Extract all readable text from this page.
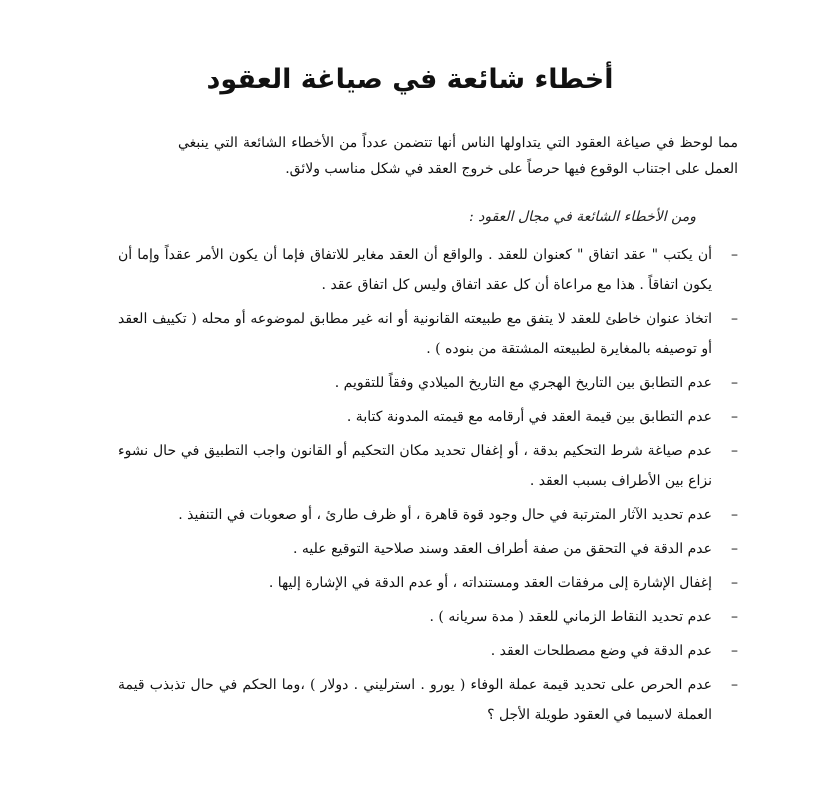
أخطاء شائعة في صياغة العقود

مما لوحظ في صياغة العقود التي يتداولها الناس أنها تتضمن عدداً من الأخطاء الشائعة التي ينبغي العمل على اجتناب الوقوع فيها حرصاً على خروج العقد في شكل مناسب ولائق.

ومن الأخطاء الشائعة في مجال العقود :
–
أن يكتب " عقد اتفاق " كعنوان للعقد . والواقع أن العقد مغاير للاتفاق فإما أن يكون الأمر عقداً وإما أن يكون اتفاقاً . هذا مع مراعاة أن كل عقد اتفاق وليس كل اتفاق عقد .
–
اتخاذ عنوان خاطئ للعقد لا يتفق مع طبيعته القانونية أو انه غير مطابق لموضوعه أو محله ( تكييف العقد أو توصيفه بالمغايرة لطبيعته المشتقة من بنوده ) .
–
عدم التطابق بين التاريخ الهجري مع التاريخ الميلادي وفقاً للتقويم .
–
عدم التطابق بين قيمة العقد في أرقامه مع قيمته المدونة كتابة .
–
عدم صياغة شرط التحكيم بدقة ، أو إغفال تحديد مكان التحكيم أو القانون واجب التطبيق في حال نشوء نزاع بين الأطراف بسبب العقد .
–
عدم تحديد الآثار المترتبة في حال وجود قوة قاهرة ، أو ظرف طارئ ، أو صعوبات في التنفيذ .
–
عدم الدقة في التحقق من صفة أطراف العقد وسند صلاحية التوقيع عليه .
–
إغفال الإشارة إلى مرفقات العقد ومستنداته ، أو عدم الدقة في الإشارة إليها .
–
عدم تحديد النقاط الزماني للعقد ( مدة سريانه ) .
–
عدم الدقة في وضع مصطلحات العقد .
–
عدم الحرص على تحديد قيمة عملة الوفاء ( يورو . استرليني . دولار ) ،وما الحكم في حال تذبذب قيمة العملة لاسيما في العقود طويلة الأجل ؟
